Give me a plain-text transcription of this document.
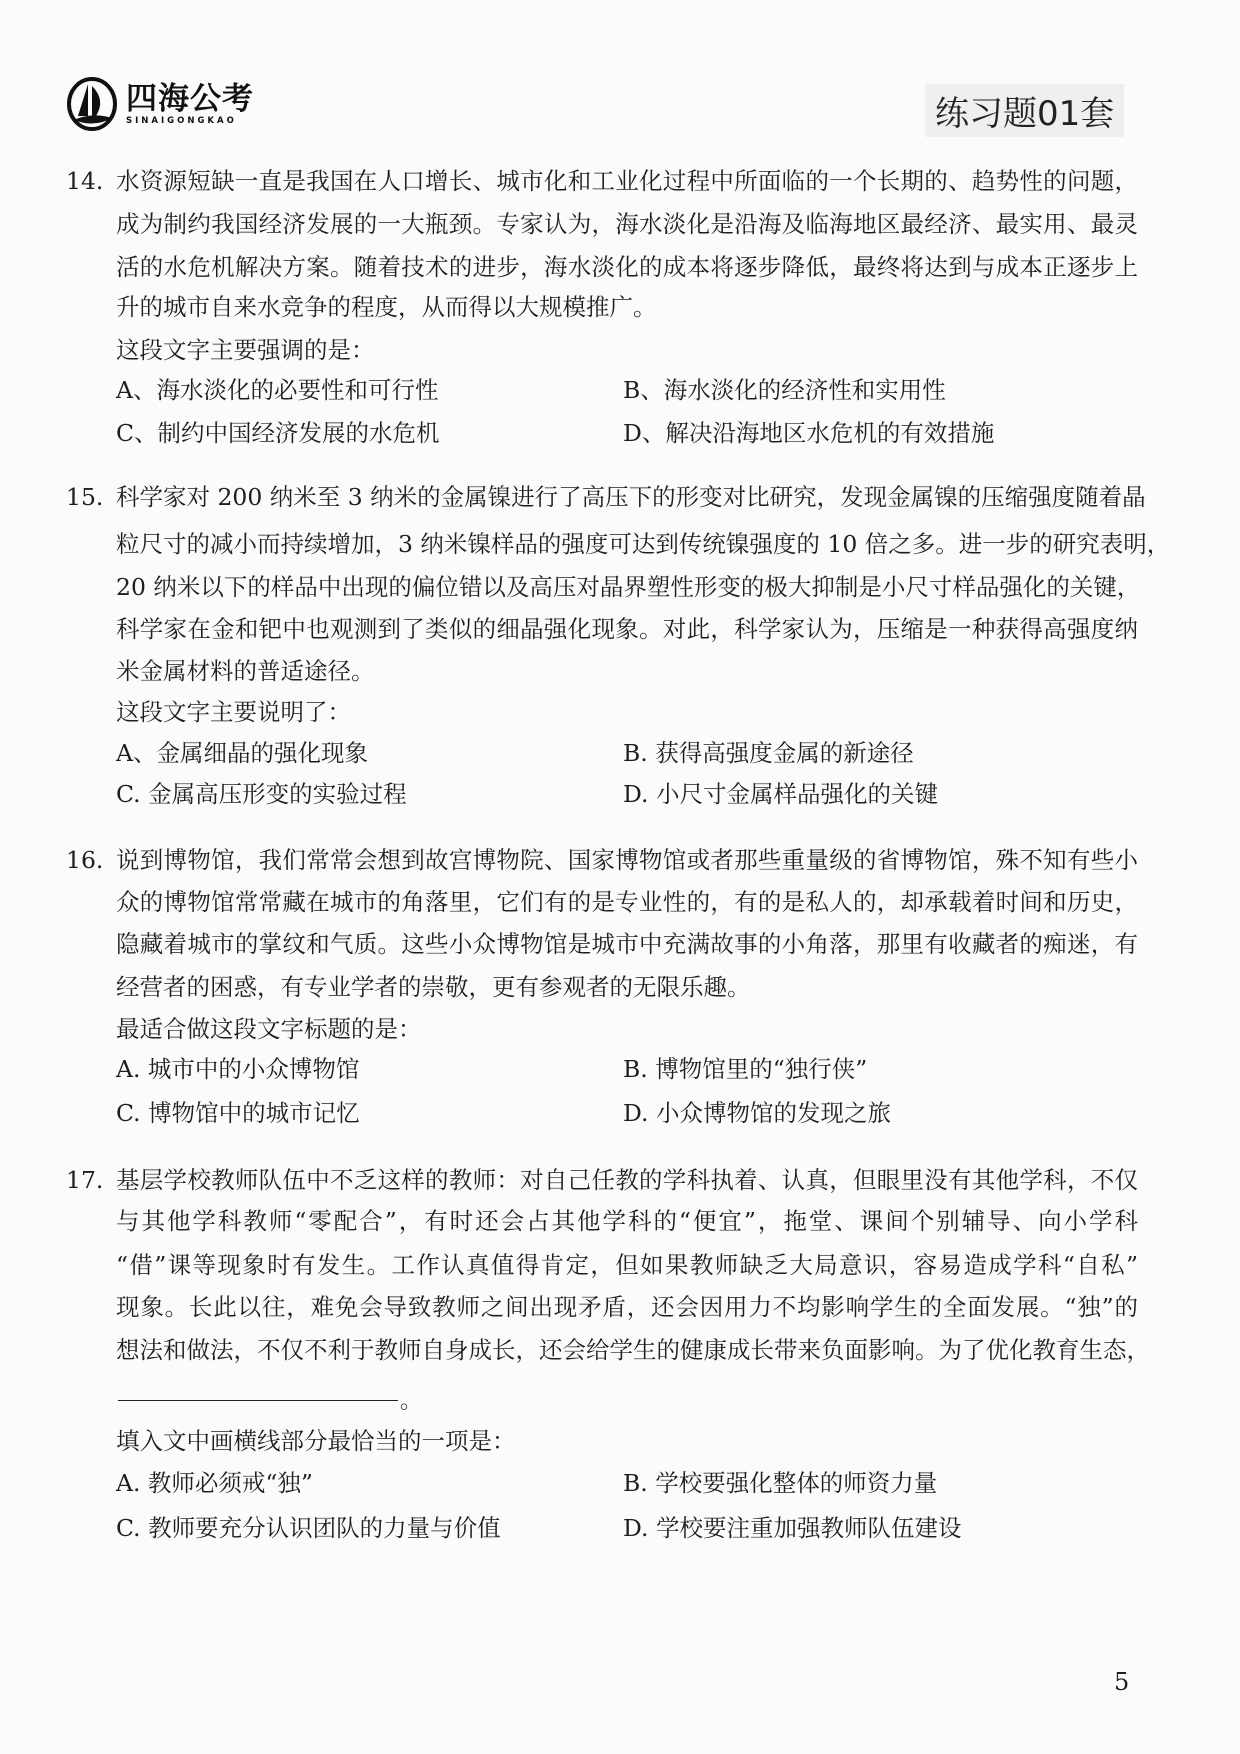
四海公考
SINAIGONGKAO	练习题01套
14. 水资源短缺一直是我国在人口增长、城市化和工业化过程中所面临的一个长期的、趋势性的问题，
成为制约我国经济发展的一大瓶颈。专家认为，海水淡化是沿海及临海地区最经济、最实用、最灵
活的水危机解决方案。随着技术的进步，海水淡化的成本将逐步降低，最终将达到与成本正逐步上
升的城市自来水竞争的程度，从而得以大规模推广。
这段文字主要强调的是：
A、海水淡化的必要性和可行性	B、海水淡化的经济性和实用性
C、制约中国经济发展的水危机	D、解决沿海地区水危机的有效措施
15. 科学家对 200 纳米至 3 纳米的金属镍进行了高压下的形变对比研究，发现金属镍的压缩强度随着晶
粒尺寸的减小而持续增加，3 纳米镍样品的强度可达到传统镍强度的 10 倍之多。进一步的研究表明，
20 纳米以下的样品中出现的偏位错以及高压对晶界塑性形变的极大抑制是小尺寸样品强化的关键，
科学家在金和钯中也观测到了类似的细晶强化现象。对此，科学家认为，压缩是一种获得高强度纳
米金属材料的普适途径。
这段文字主要说明了：
A、金属细晶的强化现象	B. 获得高强度金属的新途径
C. 金属高压形变的实验过程	D. 小尺寸金属样品强化的关键
16. 说到博物馆，我们常常会想到故宫博物院、国家博物馆或者那些重量级的省博物馆，殊不知有些小
众的博物馆常常藏在城市的角落里，它们有的是专业性的，有的是私人的，却承载着时间和历史，
隐藏着城市的掌纹和气质。这些小众博物馆是城市中充满故事的小角落，那里有收藏者的痴迷，有
经营者的困惑，有专业学者的崇敬，更有参观者的无限乐趣。
最适合做这段文字标题的是：
A. 城市中的小众博物馆	B. 博物馆里的“独行侠”
C. 博物馆中的城市记忆	D. 小众博物馆的发现之旅
17. 基层学校教师队伍中不乏这样的教师：对自己任教的学科执着、认真，但眼里没有其他学科，不仅
与其他学科教师“零配合”，有时还会占其他学科的“便宜”，拖堂、课间个别辅导、向小学科
“借”课等现象时有发生。工作认真值得肯定，但如果教师缺乏大局意识，容易造成学科“自私”
现象。长此以往，难免会导致教师之间出现矛盾，还会因用力不均影响学生的全面发展。“独”的
想法和做法，不仅不利于教师自身成长，还会给学生的健康成长带来负面影响。为了优化教育生态，
。
填入文中画横线部分最恰当的一项是：
A. 教师必须戒“独”	B. 学校要强化整体的师资力量
C. 教师要充分认识团队的力量与价值	D. 学校要注重加强教师队伍建设
5
